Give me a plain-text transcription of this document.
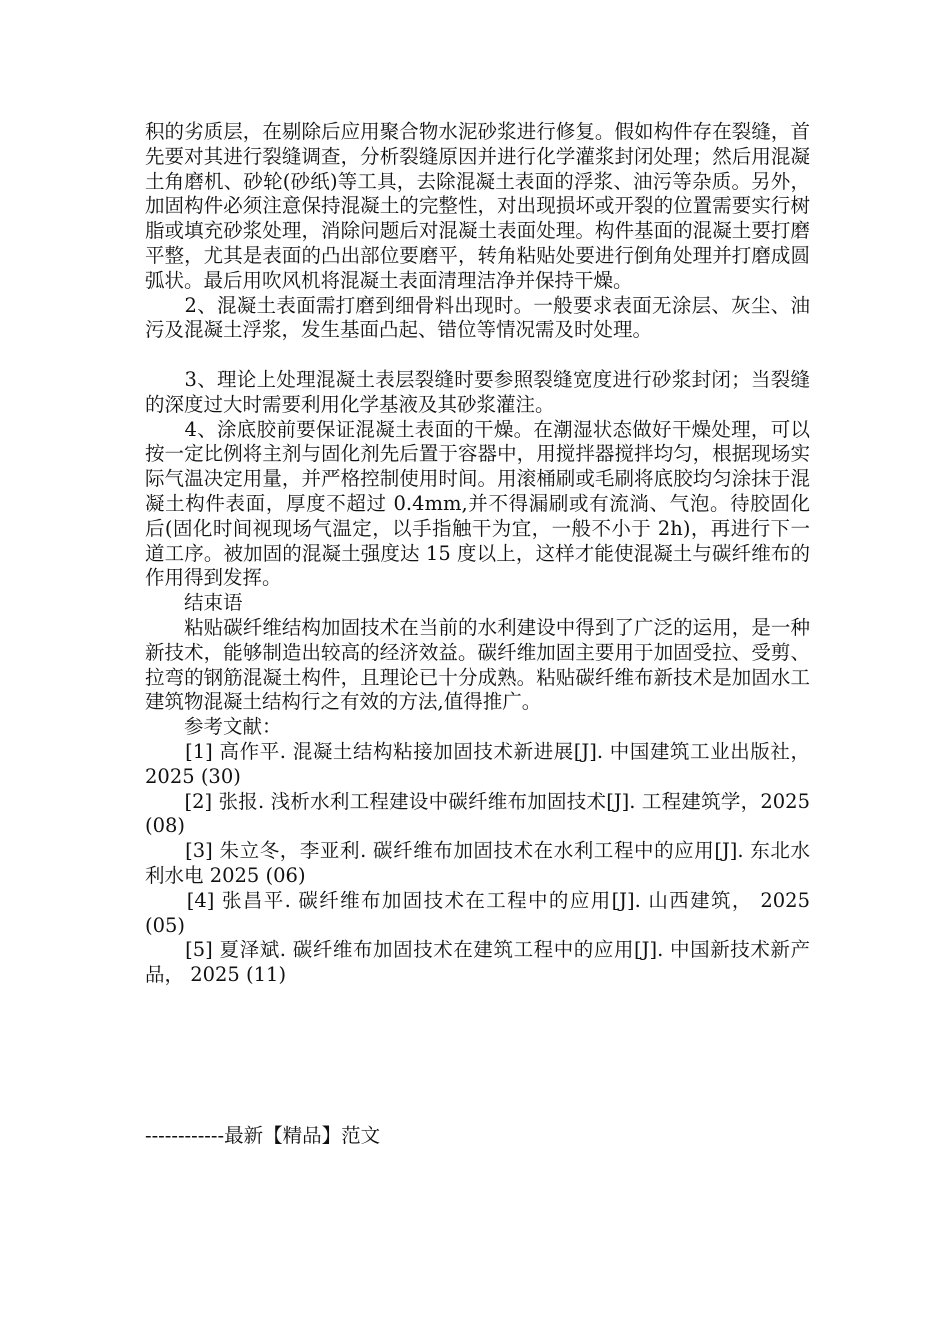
积的劣质层，在剔除后应用聚合物水泥砂浆进行修复。假如构件存在裂缝，首先要对其进行裂缝调查，分析裂缝原因并进行化学灌浆封闭处理；然后用混凝土角磨机、砂轮(砂纸)等工具，去除混凝土表面的浮浆、油污等杂质。另外，加固构件必须注意保持混凝土的完整性，对出现损坏或开裂的位置需要实行树脂或填充砂浆处理，消除问题后对混凝土表面处理。构件基面的混凝土要打磨平整，尤其是表面的凸出部位要磨平，转角粘贴处要进行倒角处理并打磨成圆弧状。最后用吹风机将混凝土表面清理洁净并保持干燥。

　　2、混凝土表面需打磨到细骨料出现时。一般要求表面无涂层、灰尘、油污及混凝土浮浆，发生基面凸起、错位等情况需及时处理。

　　3、理论上处理混凝土表层裂缝时要参照裂缝宽度进行砂浆封闭；当裂缝的深度过大时需要利用化学基液及其砂浆灌注。

　　4、涂底胶前要保证混凝土表面的干燥。在潮湿状态做好干燥处理，可以按一定比例将主剂与固化剂先后置于容器中，用搅拌器搅拌均匀，根据现场实际气温决定用量，并严格控制使用时间。用滚桶刷或毛刷将底胶均匀涂抹于混凝土构件表面，厚度不超过 0.4mm,并不得漏刷或有流淌、气泡。待胶固化后(固化时间视现场气温定，以手指触干为宜，一般不小于 2h)，再进行下一道工序。被加固的混凝土强度达 15 度以上，这样才能使混凝土与碳纤维布的作用得到发挥。

　　结束语

　　粘贴碳纤维结构加固技术在当前的水利建设中得到了广泛的运用，是一种新技术，能够制造出较高的经济效益。碳纤维加固主要用于加固受拉、受剪、拉弯的钢筋混凝土构件，且理论已十分成熟。粘贴碳纤维布新技术是加固水工建筑物混凝土结构行之有效的方法,值得推广。

　　参考文献：

　　[1] 高作平. 混凝土结构粘接加固技术新进展[J]. 中国建筑工业出版社，2025 (30)

　　[2] 张报. 浅析水利工程建设中碳纤维布加固技术[J]. 工程建筑学，2025 (08)

　　[3] 朱立冬，李亚利. 碳纤维布加固技术在水利工程中的应用[J]. 东北水利水电 2025 (06)

　　[4] 张昌平. 碳纤维布加固技术在工程中的应用[J]. 山西建筑， 2025 (05)

　　[5] 夏泽斌. 碳纤维布加固技术在建筑工程中的应用[J]. 中国新技术新产品， 2025 (11)

------------最新【精品】范文
